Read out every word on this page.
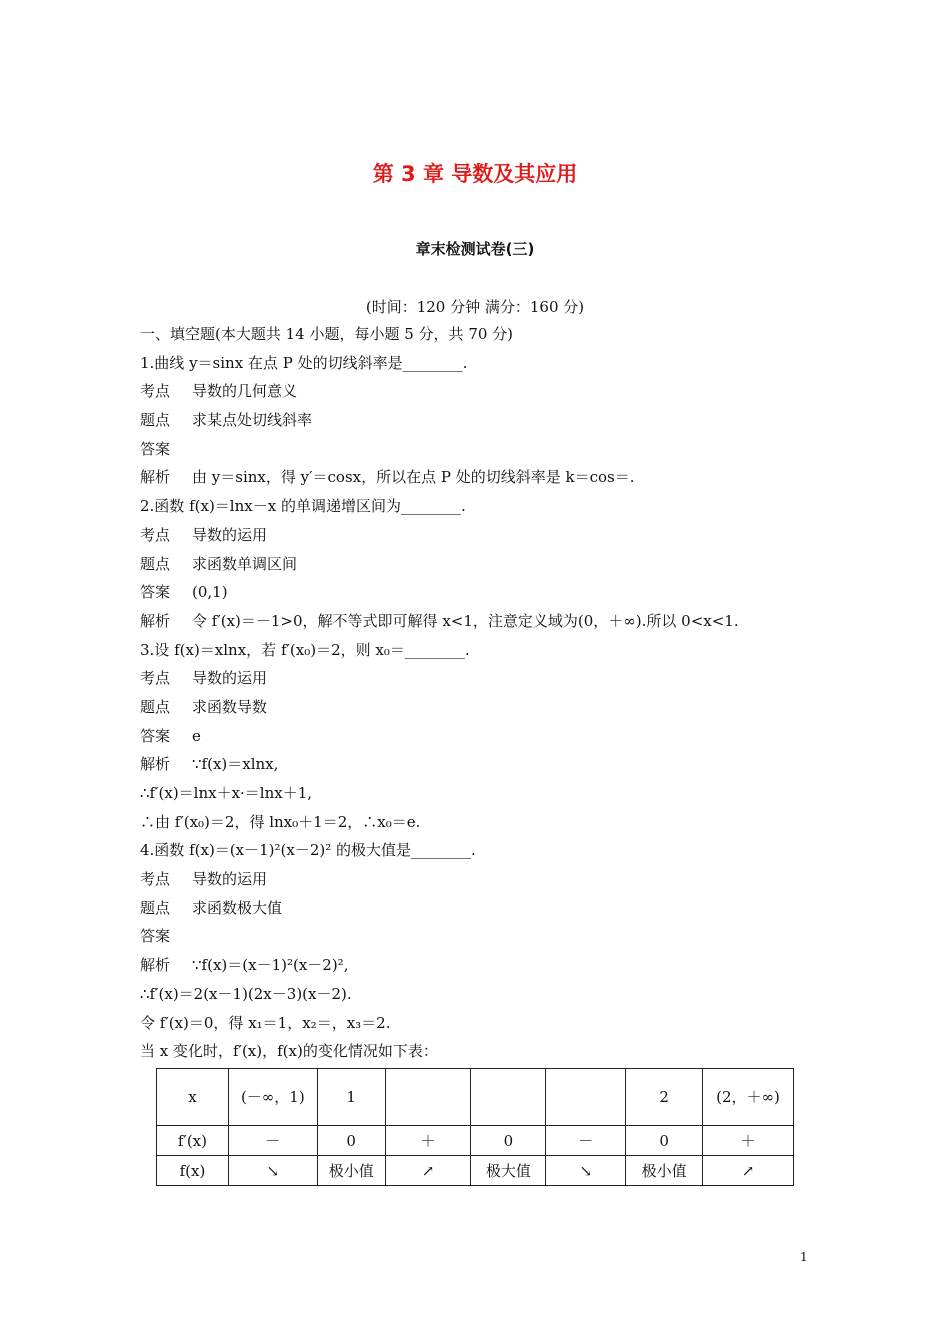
第 3 章 导数及其应用
章末检测试卷(三)
(时间：120 分钟 满分：160 分)
一、填空题(本大题共 14 小题，每小题 5 分，共 70 分)
1.曲线 y＝sinx 在点 P 处的切线斜率是________.
考点 导数的几何意义
题点 求某点处切线斜率
答案
解析 由 y＝sinx，得 y′＝cosx，所以在点 P 处的切线斜率是 k＝cos＝.
2.函数 f(x)＝lnx－x 的单调递增区间为________.
考点 导数的运用
题点 求函数单调区间
答案 (0,1)
解析 令 f′(x)＝－1>0，解不等式即可解得 x<1，注意定义域为(0，＋∞).所以 0<x<1.
3.设 f(x)＝xlnx，若 f′(x₀)＝2，则 x₀＝________.
考点 导数的运用
题点 求函数导数
答案 e
解析 ∵f(x)＝xlnx,
∴f′(x)＝lnx＋x·＝lnx＋1,
∴由 f′(x₀)＝2，得 lnx₀＋1＝2，∴x₀＝e.
4.函数 f(x)＝(x－1)²(x－2)² 的极大值是________.
考点 导数的运用
题点 求函数极大值
答案
解析 ∵f(x)＝(x－1)²(x－2)²,
∴f′(x)＝2(x－1)(2x－3)(x－2).
令 f′(x)＝0，得 x₁＝1，x₂＝，x₃＝2.
当 x 变化时，f′(x)，f(x)的变化情况如下表：
x	(－∞，1)	1				2	(2，＋∞)
f′(x)	－	0	＋	0	－	0	＋
f(x)	↘	极小值	↗	极大值	↘	极小值	↗
1
